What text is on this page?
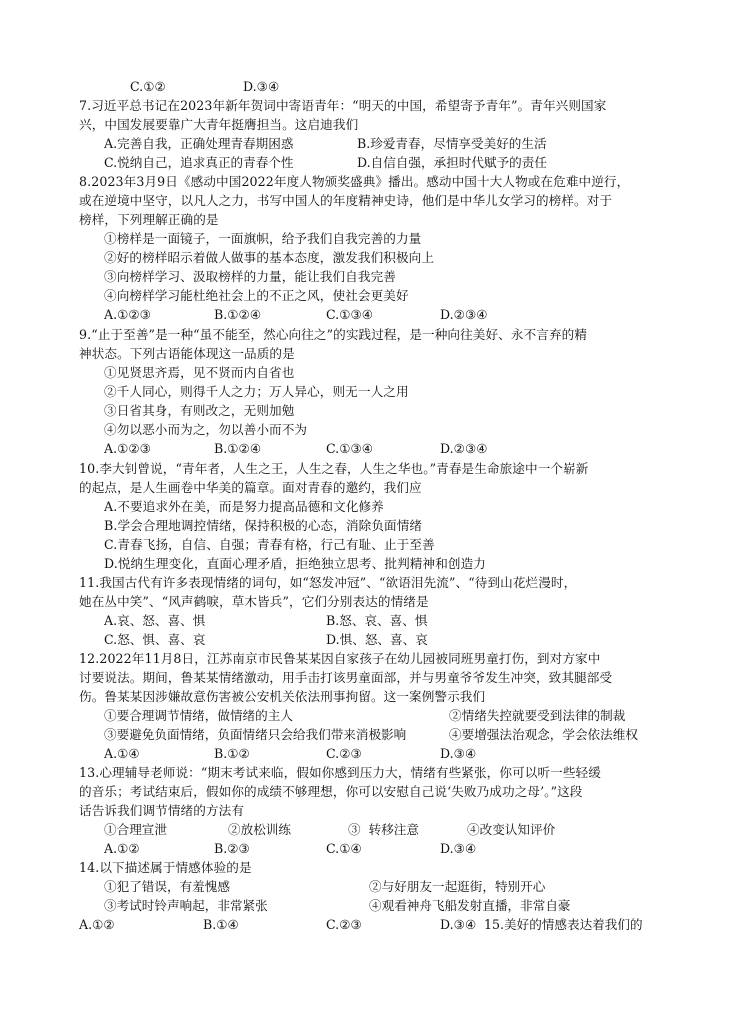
C.①②	D.③④
7.习近平总书记在2023年新年贺词中寄语青年：“明天的中国，希望寄予青年”。青年兴则国家
兴，中国发展要靠广大青年挺膺担当。这启迪我们
A.完善自我，正确处理青春期困惑	B.珍爱青春，尽情享受美好的生活
C.悦纳自己，追求真正的青春个性	D.自信自强，承担时代赋予的责任
8.2023年3月9日《感动中国2022年度人物颁奖盛典》播出。感动中国十大人物或在危难中逆行，
或在逆境中坚守，以凡人之力，书写中国人的年度精神史诗，他们是中华儿女学习的榜样。对于
榜样，下列理解正确的是
①榜样是一面镜子，一面旗帜，给予我们自我完善的力量
②好的榜样昭示着做人做事的基本态度，激发我们积极向上
③向榜样学习、汲取榜样的力量，能让我们自我完善
④向榜样学习能杜绝社会上的不正之风，使社会更美好
A.①②③	B.①②④	C.①③④	D.②③④
9.“止于至善”是一种“虽不能至，然心向往之”的实践过程，是一种向往美好、永不言弃的精
神状态。下列古语能体现这一品质的是
①见贤思齐焉，见不贤而内自省也
②千人同心，则得千人之力；万人异心，则无一人之用
③日省其身，有则改之，无则加勉
④勿以恶小而为之，勿以善小而不为
A.①②③	B.①②④	C.①③④	D.②③④
10.李大钊曾说，“青年者，人生之王，人生之春，人生之华也。”青春是生命旅途中一个崭新
的起点，是人生画卷中华美的篇章。面对青春的邀约，我们应
A.不要追求外在美，而是努力提高品德和文化修养
B.学会合理地调控情绪，保持积极的心态，消除负面情绪
C.青春飞扬，自信、自强；青春有格，行己有耻、止于至善
D.悦纳生理变化，直面心理矛盾，拒绝独立思考、批判精神和创造力
11.我国古代有许多表现情绪的词句，如“怒发冲冠”、“欲语泪先流”、“待到山花烂漫时，
她在丛中笑”、“风声鹤唳，草木皆兵”，它们分别表达的情绪是
A.哀、怒、喜、惧	B.怒、哀、喜、惧
C.怒、惧、喜、哀	D.惧、怒、喜、哀
12.2022年11月8日，江苏南京市民鲁某某因自家孩子在幼儿园被同班男童打伤，到对方家中
讨要说法。期间，鲁某某情绪激动，用手击打该男童面部，并与男童爷爷发生冲突，致其腿部受
伤。鲁某某因涉嫌故意伤害被公安机关依法刑事拘留。这一案例警示我们
①要合理调节情绪，做情绪的主人	②情绪失控就要受到法律的制裁
③要避免负面情绪，负面情绪只会给我们带来消极影响	④要增强法治观念，学会依法维权
A.①④	B.①②	C.②③	D.③④
13.心理辅导老师说：“期末考试来临，假如你感到压力大，情绪有些紧张，你可以听一些轻缓
的音乐；考试结束后，假如你的成绩不够理想，你可以安慰自己说‘失败乃成功之母’。”这段
话告诉我们调节情绪的方法有
①合理宣泄	②放松训练	③  转移注意	④改变认知评价
A.①②	B.②③	C.①④	D.③④
14.以下描述属于情感体验的是
①犯了错误，有羞愧感	②与好朋友一起逛街，特别开心
③考试时铃声响起，非常紧张	④观看神舟飞船发射直播，非常自豪
A.①②	B.①④	C.②③	D.③④ 15.美好的情感表达着我们的
